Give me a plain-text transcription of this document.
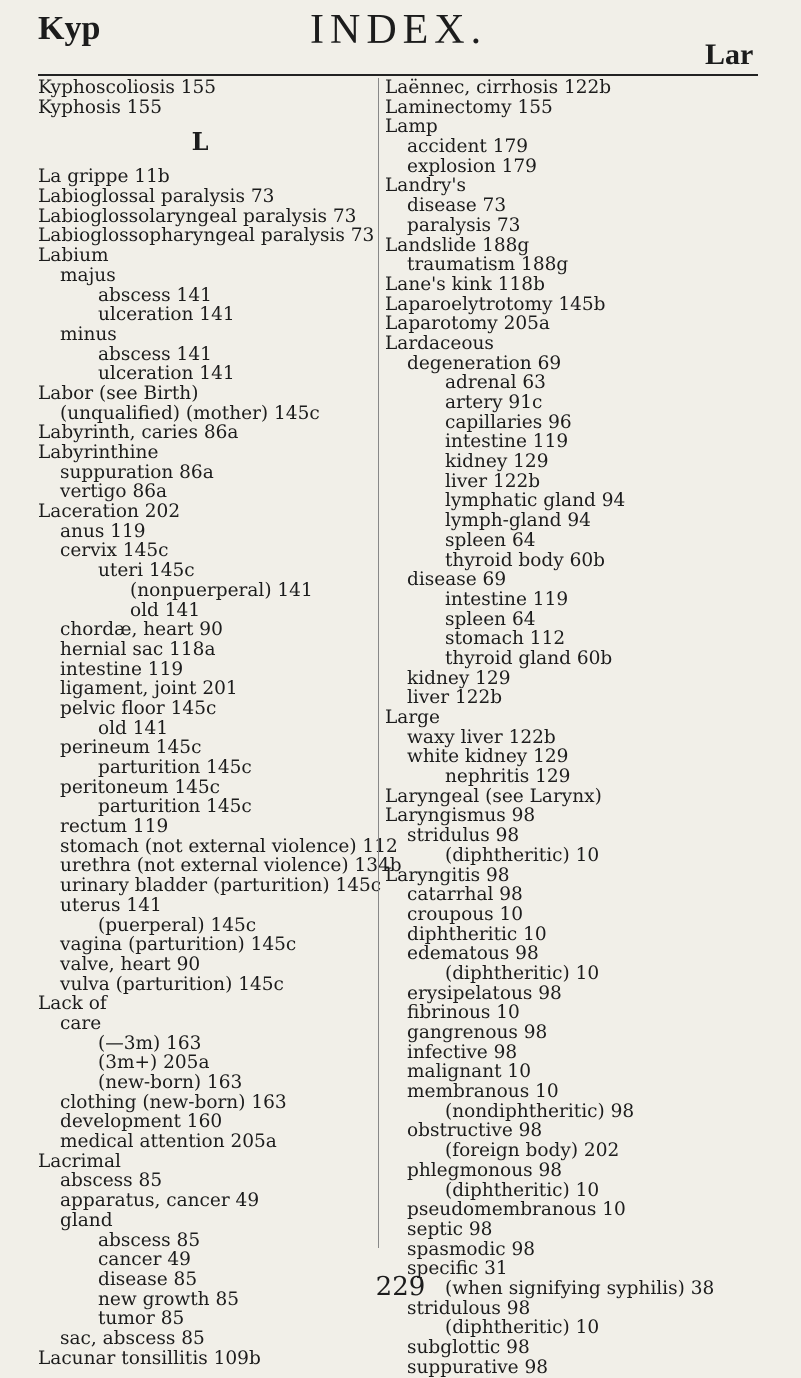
Kyp	INDEX.
Lar
Kyphoscoliosis 155
Kyphosis 155
L
La grippe 11b
Labioglossal paralysis 73
Labioglossolaryngeal paralysis 73
Labioglossopharyngeal paralysis 73
Labium
majus
abscess 141
ulceration 141
minus
abscess 141
ulceration 141
Labor (see Birth)
(unqualified) (mother) 145c
Labyrinth, caries 86a
Labyrinthine
suppuration 86a
vertigo 86a
Laceration 202
anus 119
cervix 145c
uteri 145c
(nonpuerperal) 141
old 141
chordæ, heart 90
hernial sac 118a
intestine 119
ligament, joint 201
pelvic floor 145c
old 141
perineum 145c
parturition 145c
peritoneum 145c
parturition 145c
rectum 119
stomach (not external violence) 112
urethra (not external violence) 134b
urinary bladder (parturition) 145c
uterus 141
(puerperal) 145c
vagina (parturition) 145c
valve, heart 90
vulva (parturition) 145c
Lack of
care
(—3m) 163
(3m+) 205a
(new-born) 163
clothing (new-born) 163
development 160
medical attention 205a
Lacrimal
abscess 85
apparatus, cancer 49
gland
abscess 85
cancer 49
disease 85
new growth 85
tumor 85
sac, abscess 85
Lacunar tonsillitis 109b
Laënnec, cirrhosis 122b
Laminectomy 155
Lamp
accident 179
explosion 179
Landry's
disease 73
paralysis 73
Landslide 188g
traumatism 188g
Lane's kink 118b
Laparoelytrotomy 145b
Laparotomy 205a
Lardaceous
degeneration 69
adrenal 63
artery 91c
capillaries 96
intestine 119
kidney 129
liver 122b
lymphatic gland 94
lymph-gland 94
spleen 64
thyroid body 60b
disease 69
intestine 119
spleen 64
stomach 112
thyroid gland 60b
kidney 129
liver 122b
Large
waxy liver 122b
white kidney 129
nephritis 129
Laryngeal (see Larynx)
Laryngismus 98
stridulus 98
(diphtheritic) 10
Laryngitis 98
catarrhal 98
croupous 10
diphtheritic 10
edematous 98
(diphtheritic) 10
erysipelatous 98
fibrinous 10
gangrenous 98
infective 98
malignant 10
membranous 10
(nondiphtheritic) 98
obstructive 98
(foreign body) 202
phlegmonous 98
(diphtheritic) 10
pseudomembranous 10
septic 98
spasmodic 98
specific 31
(when signifying syphilis) 38
stridulous 98
(diphtheritic) 10
subglottic 98
suppurative 98
229
